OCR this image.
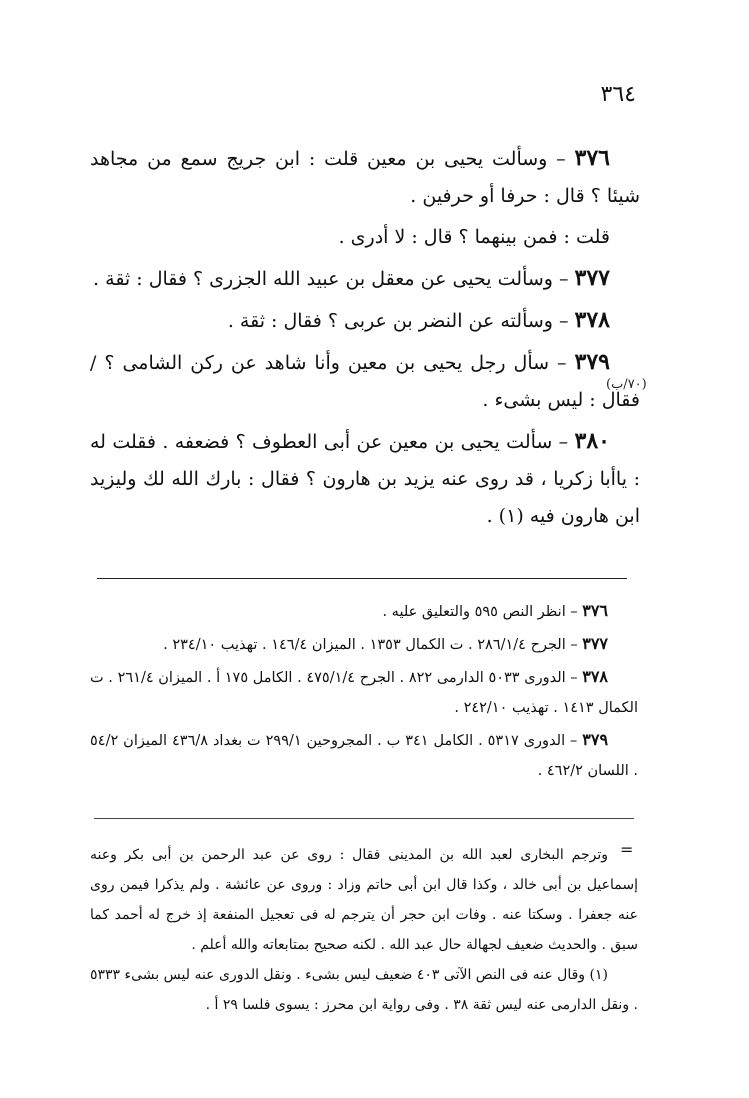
٣٦٤

٣٧٦ – وسألت يحيى بن معين قلت : ابن جريج سمع من مجاهد شيئا ؟ قال : حرفا أو حرفين .

قلت : فمن بينهما ؟ قال : لا أدرى .

٣٧٧ – وسألت يحيى عن معقل بن عبيد الله الجزرى ؟ فقال : ثقة .

٣٧٨ – وسألته عن النضر بن عربى ؟ فقال : ثقة .

٣٧٩ – سأل رجل يحيى بن معين وأنا شاهد عن ركن الشامى ؟ / فقال : ليس بشىء .

٣٨٠ – سألت يحيى بن معين عن أبى العطوف ؟ فضعفه . فقلت له : ياأبا زكريا ، قد روى عنه يزيد بن هارون ؟ فقال : بارك الله لك وليزيد ابن هارون فيه (١) .

(٧٠/ب)

٣٧٦ – انظر النص ٥٩٥ والتعليق عليه .

٣٧٧ – الجرح ٢٨٦/١/٤ . ت الكمال ١٣٥٣ . الميزان ١٤٦/٤ . تهذيب ٢٣٤/١٠ .

٣٧٨ – الدورى ٥٠٣٣ الدارمى ٨٢٢ . الجرح ٤٧٥/١/٤ . الكامل ١٧٥ أ . الميزان ٢٦١/٤ . ت الكمال ١٤١٣ . تهذيب ٢٤٢/١٠ .

٣٧٩ – الدورى ٥٣١٧ . الكامل ٣٤١ ب . المجروحين ٢٩٩/١ ت بغداد ٤٣٦/٨ الميزان ٥٤/٢ . اللسان ٤٦٢/٢ .

=

وترجم البخارى لعبد الله بن المدينى فقال : روى عن عبد الرحمن بن أبى بكر وعنه إسماعيل بن أبى خالد ، وكذا قال ابن أبى حاتم وزاد : وروى عن عائشة . ولم يذكرا فيمن روى عنه جعفرا . وسكتا عنه . وفات ابن حجر أن يترجم له فى تعجيل المنفعة إذ خرج له أحمد كما سبق . والحديث ضعيف لجهالة حال عبد الله . لكنه صحيح بمتابعاته والله أعلم .

(١) وقال عنه فى النص الآتى ٤٠٣ ضعيف ليس بشىء . ونقل الدورى عنه ليس بشىء ٥٣٣٣ . ونقل الدارمى عنه ليس ثقة ٣٨ . وفى رواية ابن محرز : يسوى فلسا ٢٩ أ .
